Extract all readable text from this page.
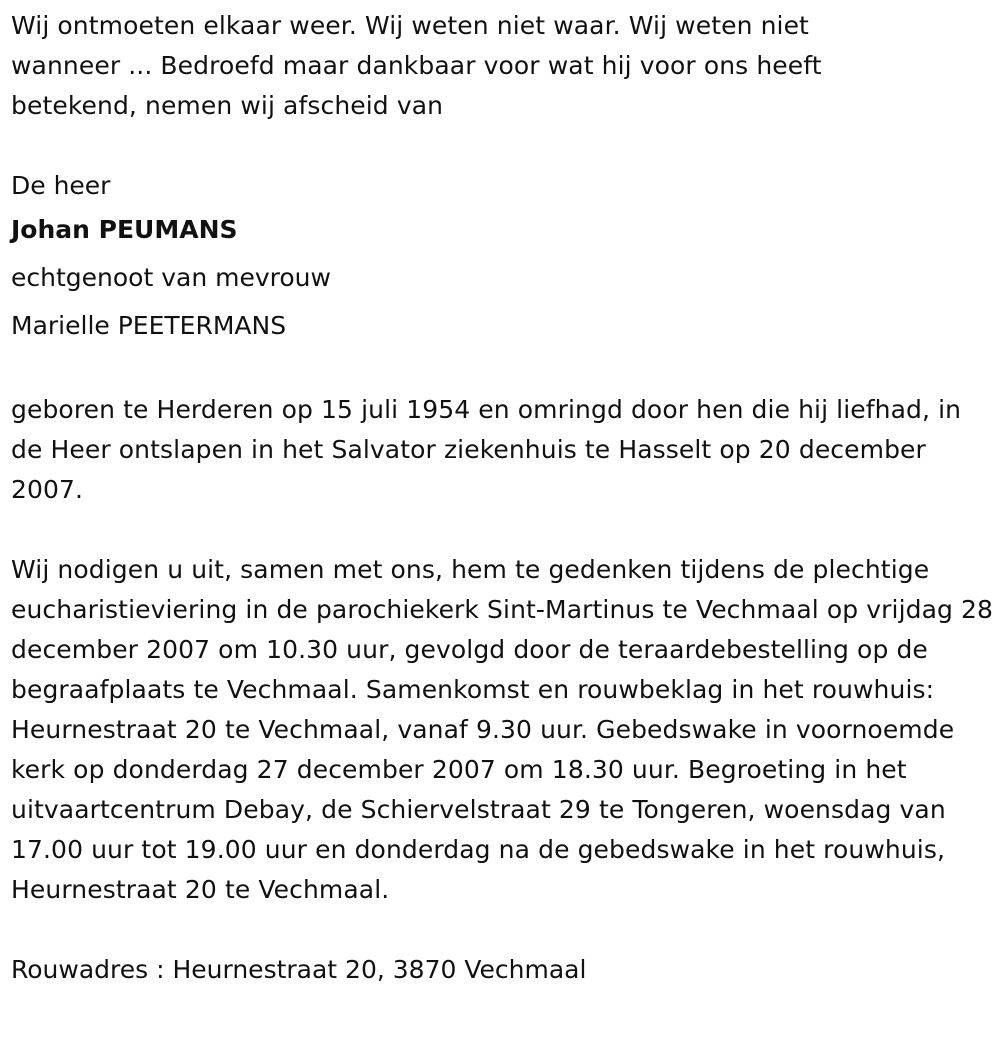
Wij ontmoeten elkaar weer. Wij weten niet waar. Wij weten niet wanneer ... Bedroefd maar dankbaar voor wat hij voor ons heeft betekend, nemen wij afscheid van

De heer

Johan PEUMANS

echtgenoot van mevrouw

Marielle PEETERMANS

geboren te Herderen op 15 juli 1954 en omringd door hen die hij liefhad, in de Heer ontslapen in het Salvator ziekenhuis te Hasselt op 20 december 2007.

Wij nodigen u uit, samen met ons, hem te gedenken tijdens de plechtige eucharistieviering in de parochiekerk Sint-Martinus te Vechmaal op vrijdag 28 december 2007 om 10.30 uur, gevolgd door de teraardebestelling op de begraafplaats te Vechmaal. Samenkomst en rouwbeklag in het rouwhuis: Heurnestraat 20 te Vechmaal, vanaf 9.30 uur. Gebedswake in voornoemde kerk op donderdag 27 december 2007 om 18.30 uur. Begroeting in het uitvaartcentrum Debay, de Schiervelstraat 29 te Tongeren, woensdag van 17.00 uur tot 19.00 uur en donderdag na de gebedswake in het rouwhuis, Heurnestraat 20 te Vechmaal.

Rouwadres : Heurnestraat 20, 3870 Vechmaal
